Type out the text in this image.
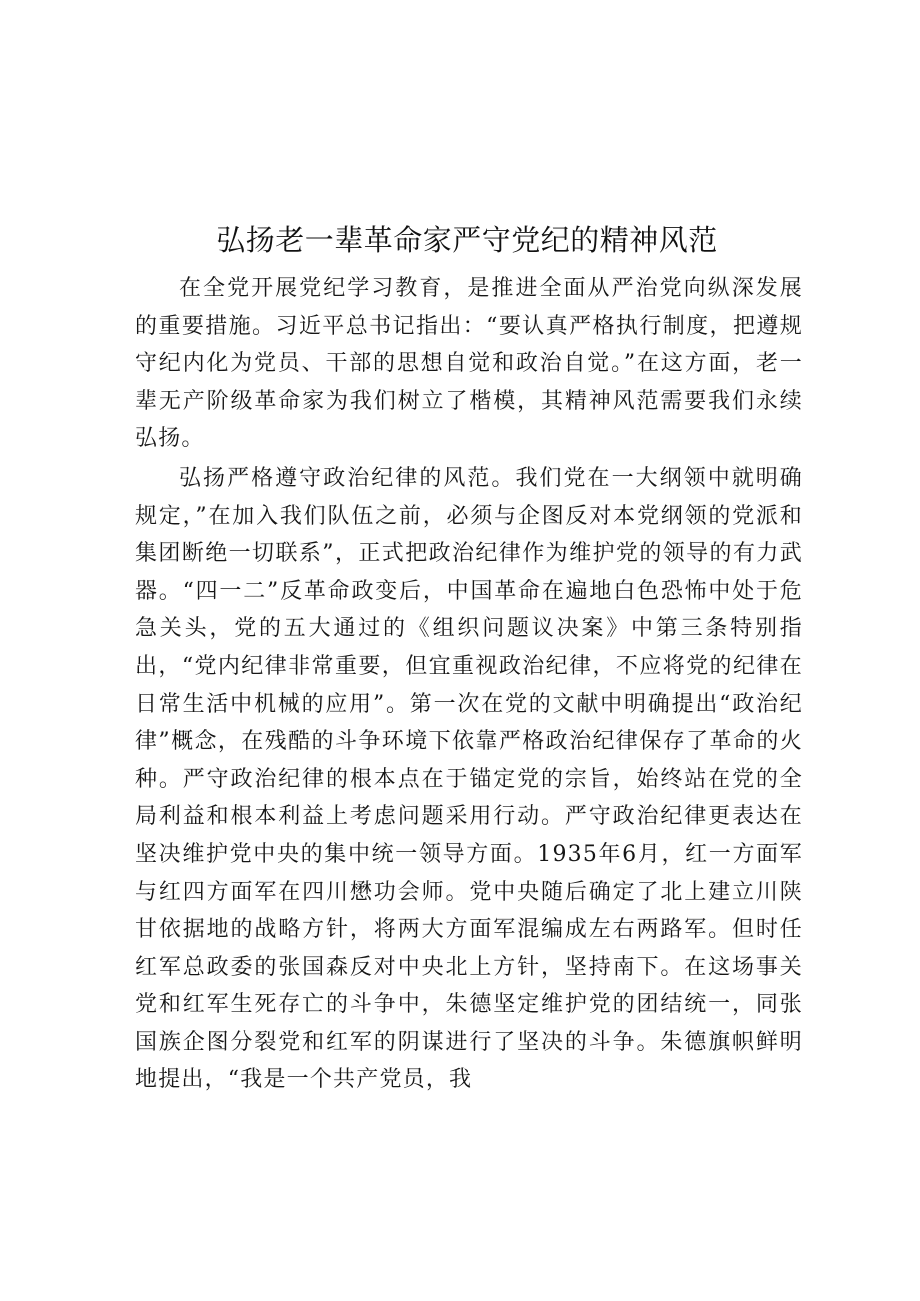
弘扬老一辈革命家严守党纪的精神风范

在全党开展党纪学习教育，是推进全面从严治党向纵深发展的重要措施。习近平总书记指出：“要认真严格执行制度，把遵规守纪内化为党员、干部的思想自觉和政治自觉。”在这方面，老一辈无产阶级革命家为我们树立了楷模，其精神风范需要我们永续弘扬。

弘扬严格遵守政治纪律的风范。我们党在一大纲领中就明确规定，”在加入我们队伍之前，必须与企图反对本党纲领的党派和集团断绝一切联系”，正式把政治纪律作为维护党的领导的有力武器。“四一二”反革命政变后，中国革命在遍地白色恐怖中处于危急关头，党的五大通过的《组织问题议决案》中第三条特别指出，“党内纪律非常重要，但宜重视政治纪律，不应将党的纪律在日常生活中机械的应用”。第一次在党的文献中明确提出“政治纪律”概念，在残酷的斗争环境下依靠严格政治纪律保存了革命的火种。严守政治纪律的根本点在于锚定党的宗旨，始终站在党的全局利益和根本利益上考虑问题采用行动。严守政治纪律更表达在坚决维护党中央的集中统一领导方面。1935年6月，红一方面军与红四方面军在四川懋功会师。党中央随后确定了北上建立川陕甘依据地的战略方针，将两大方面军混编成左右两路军。但时任红军总政委的张国森反对中央北上方针，坚持南下。在这场事关党和红军生死存亡的斗争中，朱德坚定维护党的团结统一，同张国族企图分裂党和红军的阴谋进行了坚决的斗争。朱德旗帜鲜明地提出，“我是一个共产党员，我
